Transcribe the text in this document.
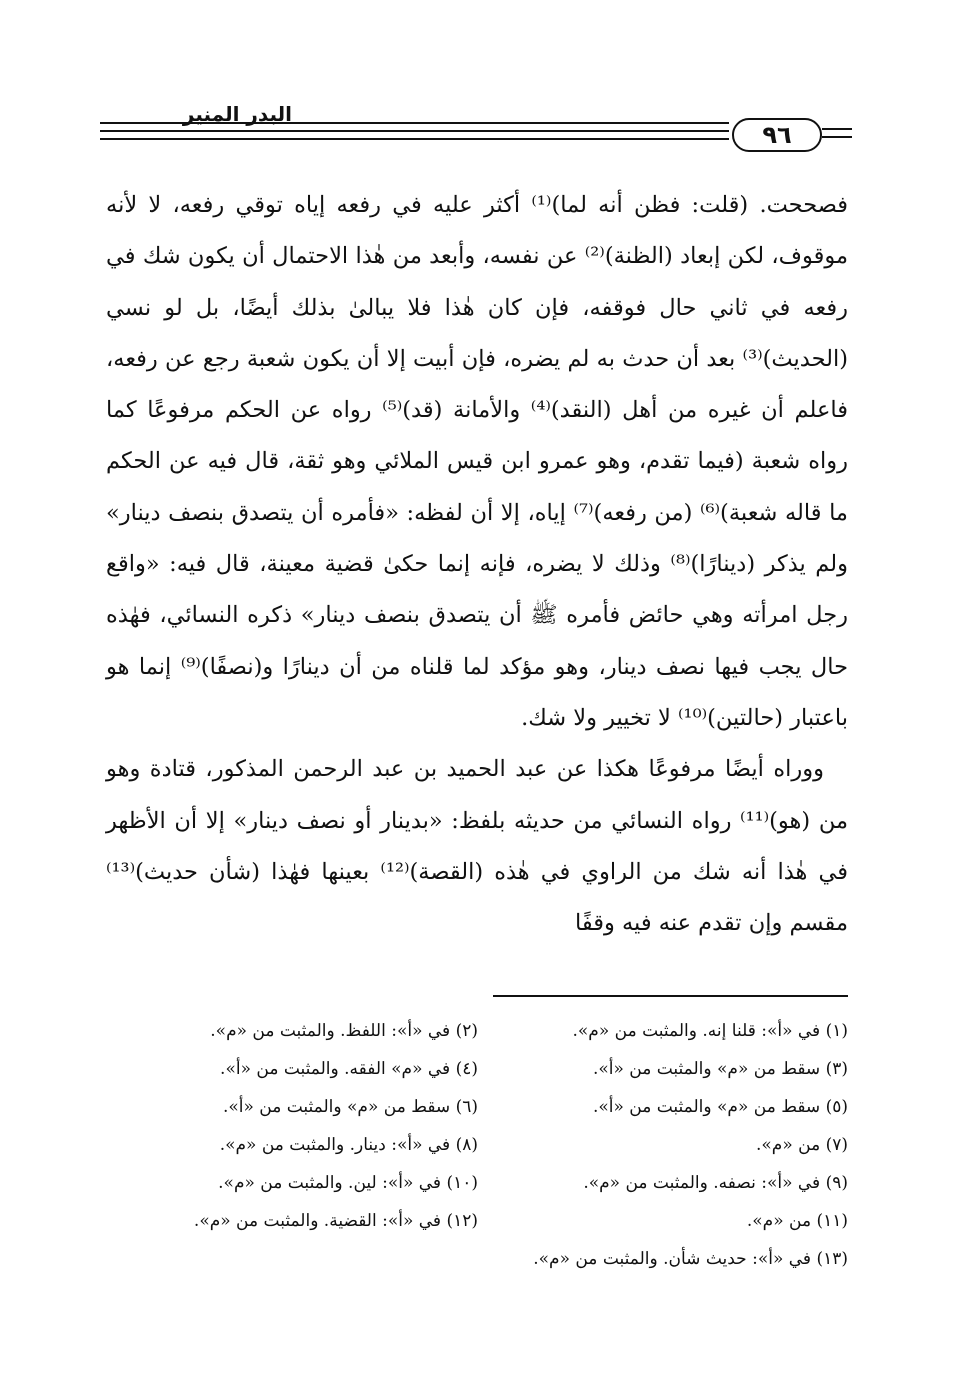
البدر المنير
٩٦

فصححت. (قلت: فظن أنه لما)⁽¹⁾ أكثر عليه في رفعه إياه توقي رفعه، لا لأنه موقوف، لكن إبعاد (الظنة)⁽²⁾ عن نفسه، وأبعد من هٰذا الاحتمال أن يكون شك في رفعه في ثاني حال فوقفه، فإن كان هٰذا فلا يبالىٰ بذلك أيضًا، بل لو نسي (الحديث)⁽³⁾ بعد أن حدث به لم يضره، فإن أبيت إلا أن يكون شعبة رجع عن رفعه، فاعلم أن غيره من أهل (النقد)⁽⁴⁾ والأمانة (قد)⁽⁵⁾ رواه عن الحكم مرفوعًا كما رواه شعبة (فيما تقدم، وهو عمرو ابن قيس الملائي وهو ثقة، قال فيه عن الحكم ما قاله شعبة)⁽⁶⁾ (من رفعه)⁽⁷⁾ إياه، إلا أن لفظه: «فأمره أن يتصدق بنصف دينار» ولم يذكر (دينارًا)⁽⁸⁾ وذلك لا يضره، فإنه إنما حكىٰ قضية معينة، قال فيه: «واقع رجل امرأته وهي حائض فأمره ﷺ أن يتصدق بنصف دينار» ذكره النسائي، فهٰذه حال يجب فيها نصف دينار، وهو مؤكد لما قلناه من أن دينارًا و(نصفًا)⁽⁹⁾ إنما هو باعتبار (حالتين)⁽¹⁰⁾ لا تخيير ولا شك.

ووراه أيضًا مرفوعًا هكذا عن عبد الحميد بن عبد الرحمن المذكور، قتادة وهو من (هو)⁽¹¹⁾ رواه النسائي من حديثه بلفظ: «بدينار أو نصف دينار» إلا أن الأظهر في هٰذا أنه شك من الراوي في هٰذه (القصة)⁽¹²⁾ بعينها فهٰذا (شأن حديث)⁽¹³⁾ مقسم وإن تقدم عنه فيه وقفًا

(١) في «أ»: قلنا إنه. والمثبت من «م».
(٢) في «أ»: اللفظ. والمثبت من «م».
(٣) سقط من «م» والمثبت من «أ».
(٤) في «م» الفقه. والمثبت من «أ».
(٥) سقط من «م» والمثبت من «أ».
(٦) سقط من «م» والمثبت من «أ».
(٧) من «م».
(٨) في «أ»: دينار. والمثبت من «م».
(٩) في «أ»: نصفه. والمثبت من «م».
(١٠) في «أ»: لين. والمثبت من «م».
(١١) من «م».
(١٢) في «أ»: القضية. والمثبت من «م».
(١٣) في «أ»: حديث شأن. والمثبت من «م».
